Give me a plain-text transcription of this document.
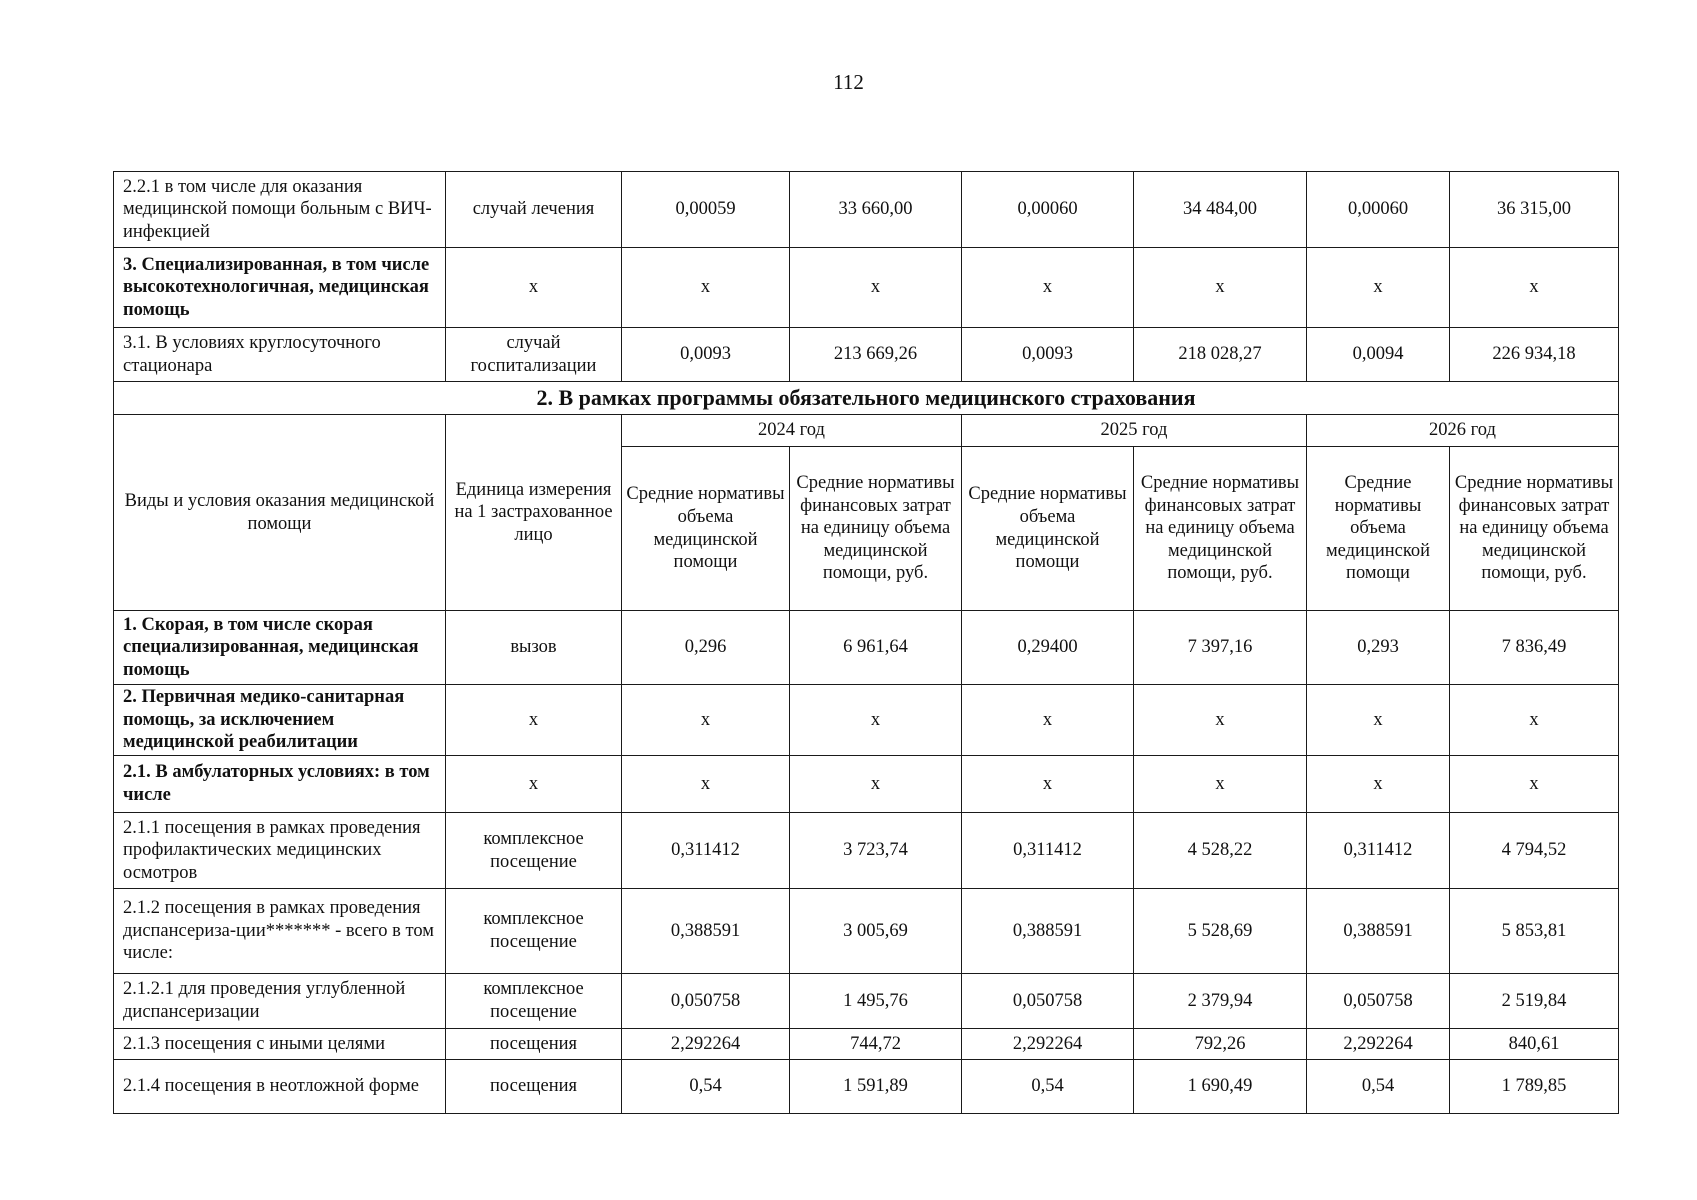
112
2.2.1 в том числе для оказания медицинской помощи больным с ВИЧ-инфекцией	случай лечения	0,00059	33 660,00	0,00060	34 484,00	0,00060	36 315,00
3. Специализированная, в том числе высокотехнологичная, медицинская помощь	х	х	х	х	х	х	х
3.1. В условиях круглосуточного стационара	случай госпитализации	0,0093	213 669,26	0,0093	218 028,27	0,0094	226 934,18
2. В рамках программы обязательного медицинского страхования							
Виды и условия оказания медицинской помощи	Единица измерения на 1 застрахованное лицо	2024 год		2025 год		2026 год	
		Средние нормативы объема медицинской помощи	Средние нормативы финансовых затрат на единицу объема медицинской помощи, руб.	Средние нормативы объема медицинской помощи	Средние нормативы финансовых затрат на единицу объема медицинской помощи, руб.	Средние нормативы объема медицинской помощи	Средние нормативы финансовых затрат на единицу объема медицинской помощи, руб.
1. Скорая, в том числе скорая специализированная, медицинская помощь	вызов	0,296	6 961,64	0,29400	7 397,16	0,293	7 836,49
2. Первичная медико-санитарная помощь, за исключением медицинской реабилитации	х	х	х	х	х	х	х
2.1. В амбулаторных условиях: в том числе	х	х	х	х	х	х	х
2.1.1 посещения в рамках проведения профилактических медицинских осмотров	комплексное посещение	0,311412	3 723,74	0,311412	4 528,22	0,311412	4 794,52
2.1.2 посещения в рамках проведения диспансериза-ции******* - всего в том числе:	комплексное посещение	0,388591	3 005,69	0,388591	5 528,69	0,388591	5 853,81
2.1.2.1 для проведения углубленной диспансеризации	комплексное посещение	0,050758	1 495,76	0,050758	2 379,94	0,050758	2 519,84
2.1.3 посещения с иными целями	посещения	2,292264	744,72	2,292264	792,26	2,292264	840,61
2.1.4 посещения в неотложной форме	посещения	0,54	1 591,89	0,54	1 690,49	0,54	1 789,85
